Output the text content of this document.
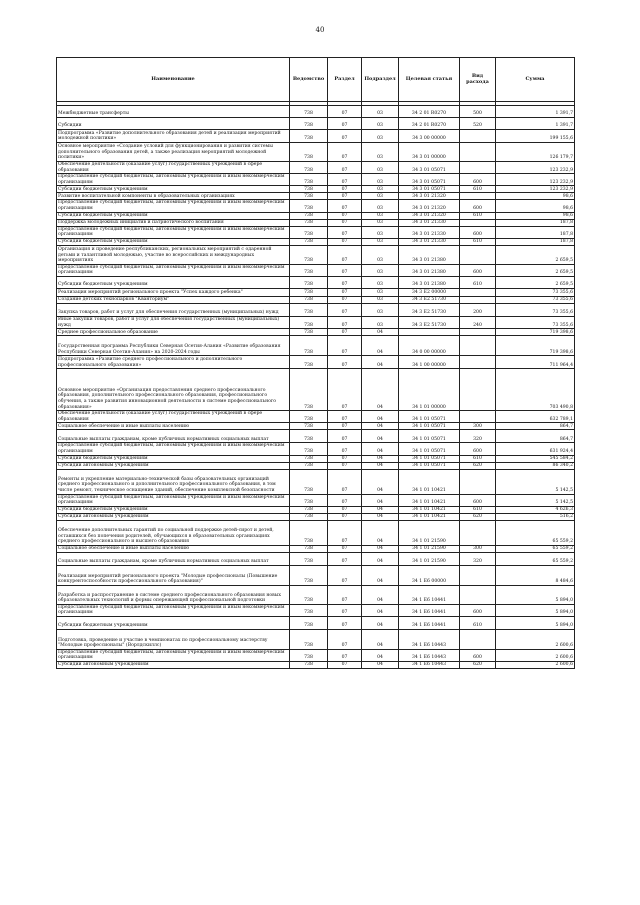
40
Наименование	Ведомство	Раздел	Подраздел	Целевая статья	Вид расхода	Сумма

Межбюджетные трансферты	738	07	03	34 2 01 R0270	500	1 391,7
Субсидии	738	07	03	34 2 01 R0270	520	1 391,7
Подпрограмма «Развитие дополнительного образования детей и реализация мероприятий молодежной политики»	738	07	03	34 3 00 00000		199 155,6
Основное мероприятие «Создание условий для функционирования и развития системы дополнительного образования детей, а также реализация мероприятий молодежной политики»	738	07	03	34 3 01 00000		126 179,7
Обеспечение деятельности (оказание услуг) государственных учреждений в сфере образования	738	07	03	34 3 01 05071		123 232,9
Предоставление субсидий бюджетным, автономным учреждениям и иным некоммерческим организациям	738	07	03	34 3 01 05071	600	123 232,9
Субсидии бюджетным учреждениям	738	07	03	34 3 01 05071	610	123 232,9
Развитие воспитательной компоненты в образовательных организациях	738	07	03	34 3 01 21320		98,6
Предоставление субсидий бюджетным, автономным учреждениям и иным некоммерческим организациям	738	07	03	34 3 01 21320	600	98,6
Субсидии бюджетным учреждениям	738	07	03	34 3 01 21320	610	98,6
Поддержка молодежных инициатив и патриотического воспитания	738	07	03	34 3 01 21330		187,8
Предоставление субсидий бюджетным, автономным учреждениям и иным некоммерческим организациям	738	07	03	34 3 01 21330	600	187,8
Субсидии бюджетным учреждениям	738	07	03	34 3 01 21330	610	187,8
Организация и проведение республиканских, региональных мероприятий с одаренной детьми и талантливой молодежью, участие во всероссийских и международных мероприятиях	738	07	03	34 3 01 21380		2 659,5
Предоставление субсидий бюджетным, автономным учреждениям и иным некоммерческим организациям	738	07	03	34 3 01 21380	600	2 659,5
Субсидии бюджетным учреждениям	738	07	03	34 3 01 21380	610	2 659,5
Реализация мероприятий регионального проекта "Успех каждого ребенка"	738	07	03	34 3 E2 00000		73 355,6
Создание детских технопарков "Кванториум"	738	07	03	34 3 E2 51730		73 355,6
Закупка товаров, работ и услуг для обеспечения государственных (муниципальных) нужд	738	07	03	34 3 E2 51730	200	73 355,6
Иные закупки товаров, работ и услуг для обеспечения государственных (муниципальных) нужд	738	07	03	34 3 E2 51730	240	73 355,6
Среднее профессиональное образование	738	07	04			719 398,6
Государственная программа Республики Северная Осетия-Алания «Развитие образования Республики Северная Осетия-Алания» на 2020-2024 годы	738	07	04	34 0 00 00000		719 398,6
Подпрограмма «Развитие среднего профессионального и дополнительного профессионального образования»	738	07	04	34 1 00 00000		711 964,4
Основное мероприятие «Организация предоставления среднего профессионального образования, дополнительного профессионального образования, профессионального обучения, а также развития инновационной деятельности в системе профессионального образования»	738	07	04	34 1 01 00000		703 490,8
Обеспечение деятельности (оказание услуг) государственных учреждений в сфере образования	738	07	04	34 1 01 05071		632 789,1
Социальное обеспечение и иные выплаты населению	738	07	04	34 1 01 05071	300	864,7
Социальные выплаты гражданам, кроме публичных нормативных социальных выплат	738	07	04	34 1 01 05071	320	864,7
Предоставление субсидий бюджетным, автономным учреждениям и иным некоммерческим организациям	738	07	04	34 1 01 05071	600	631 924,4
Субсидии бюджетным учреждениям	738	07	04	34 1 01 05071	610	545 584,2
Субсидии автономным учреждениям	738	07	04	34 1 01 05071	620	86 340,2
Ремонты и укрепление материально-технической базы образовательных организаций среднего профессионального и дополнительного профессионального образования, в том числе ремонт, техническое оснащение зданий, обеспечение комплексной безопасности	738	07	04	34 1 01 10421		5 142,5
Предоставление субсидий бюджетным, автономным учреждениям и иным некоммерческим организациям	738	07	04	34 1 01 10421	600	5 142,5
Субсидии бюджетным учреждениям	738	07	04	34 1 01 10421	610	4 626,3
Субсидии автономным учреждениям	738	07	04	34 1 01 10421	620	516,2
Обеспечение дополнительных гарантий по социальной поддержке детей-сирот и детей, оставшихся без попечения родителей, обучающихся в образовательных организациях среднего профессионального и высшего образования	738	07	04	34 1 01 21590		65 559,2
Социальное обеспечение и иные выплаты населению	738	07	04	34 1 01 21590	300	65 559,2
Социальные выплаты гражданам, кроме публичных нормативных социальных выплат	738	07	04	34 1 01 21590	320	65 559,2
Реализация мероприятий регионального проекта "Молодые профессионалы (Повышение конкурентоспособности профессионального образования)"	738	07	04	34 1 E6 00000		8 484,6
Разработка и распространение в системе среднего профессионального образования новых образовательных технологий и формы опережающей профессиональной подготовки	738	07	04	34 1 E6 10441		5 894,0
Предоставление субсидий бюджетным, автономным учреждениям и иным некоммерческим организациям	738	07	04	34 1 E6 10441	600	5 894,0
Субсидии бюджетным учреждениям	738	07	04	34 1 E6 10441	610	5 894,0
Подготовка, проведение и участие в чемпионатах по профессиональному мастерству "Молодые профессионалы" (Ворлдскиллс)	738	07	04	34 1 E6 10443		2 600,6
Предоставление субсидий бюджетным, автономным учреждениям и иным некоммерческим организациям	738	07	04	34 1 E6 10443	600	2 600,6
Субсидии автономным учреждениям	738	07	04	34 1 E6 10443	620	2 600,6
